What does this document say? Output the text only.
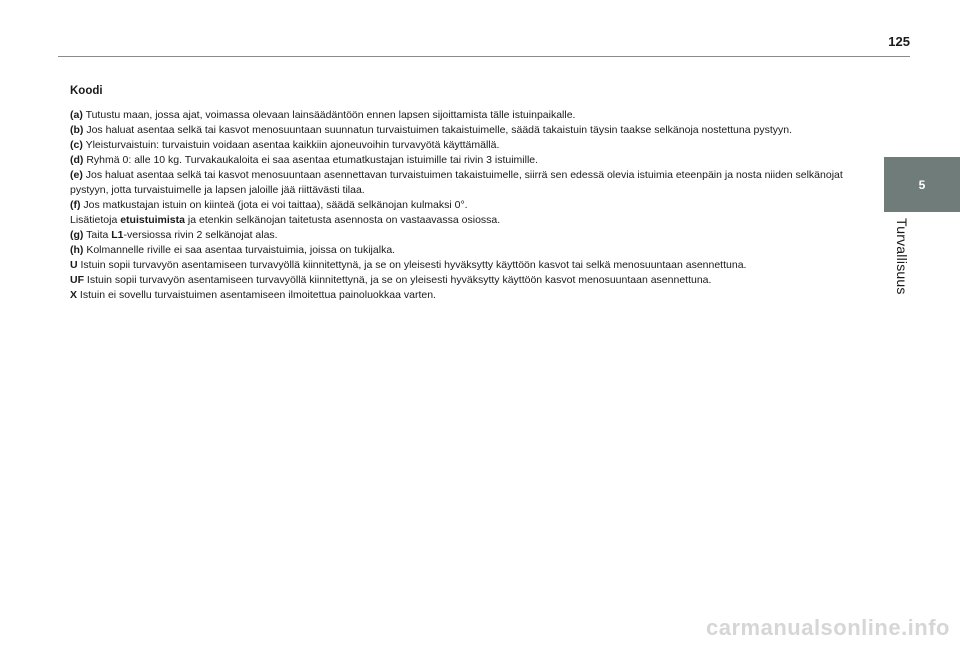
125
5
Turvallisuus
Koodi

(a) Tutustu maan, jossa ajat, voimassa olevaan lainsäädäntöön ennen lapsen sijoittamista tälle istuinpaikalle.

(b) Jos haluat asentaa selkä tai kasvot menosuuntaan suunnatun turvaistuimen takaistuimelle, säädä takaistuin täysin taakse selkänoja nostettuna pystyyn.

(c) Yleisturvaistuin: turvaistuin voidaan asentaa kaikkiin ajoneuvoihin turvavyötä käyttämällä.

(d) Ryhmä 0: alle 10 kg. Turvakaukaloita ei saa asentaa etumatkustajan istuimille tai rivin 3 istuimille.

(e) Jos haluat asentaa selkä tai kasvot menosuuntaan asennettavan turvaistuimen takaistuimelle, siirrä sen edessä olevia istuimia eteenpäin ja nosta niiden selkänojat pystyyn, jotta turvaistuimelle ja lapsen jaloille jää riittävästi tilaa.

(f) Jos matkustajan istuin on kiinteä (jota ei voi taittaa), säädä selkänojan kulmaksi 0°.

Lisätietoja etuistuimista ja etenkin selkänojan taitetusta asennosta on vastaavassa osiossa.

(g) Taita L1-versiossa rivin 2 selkänojat alas.

(h) Kolmannelle riville ei saa asentaa turvaistuimia, joissa on tukijalka.

U Istuin sopii turvavyön asentamiseen turvavyöllä kiinnitettynä, ja se on yleisesti hyväksytty käyttöön kasvot tai selkä menosuuntaan asennettuna.

UF Istuin sopii turvavyön asentamiseen turvavyöllä kiinnitettynä, ja se on yleisesti hyväksytty käyttöön kasvot menosuuntaan asennettuna.

X Istuin ei sovellu turvaistuimen asentamiseen ilmoitettua painoluokkaa varten.

carmanualsonline.info
